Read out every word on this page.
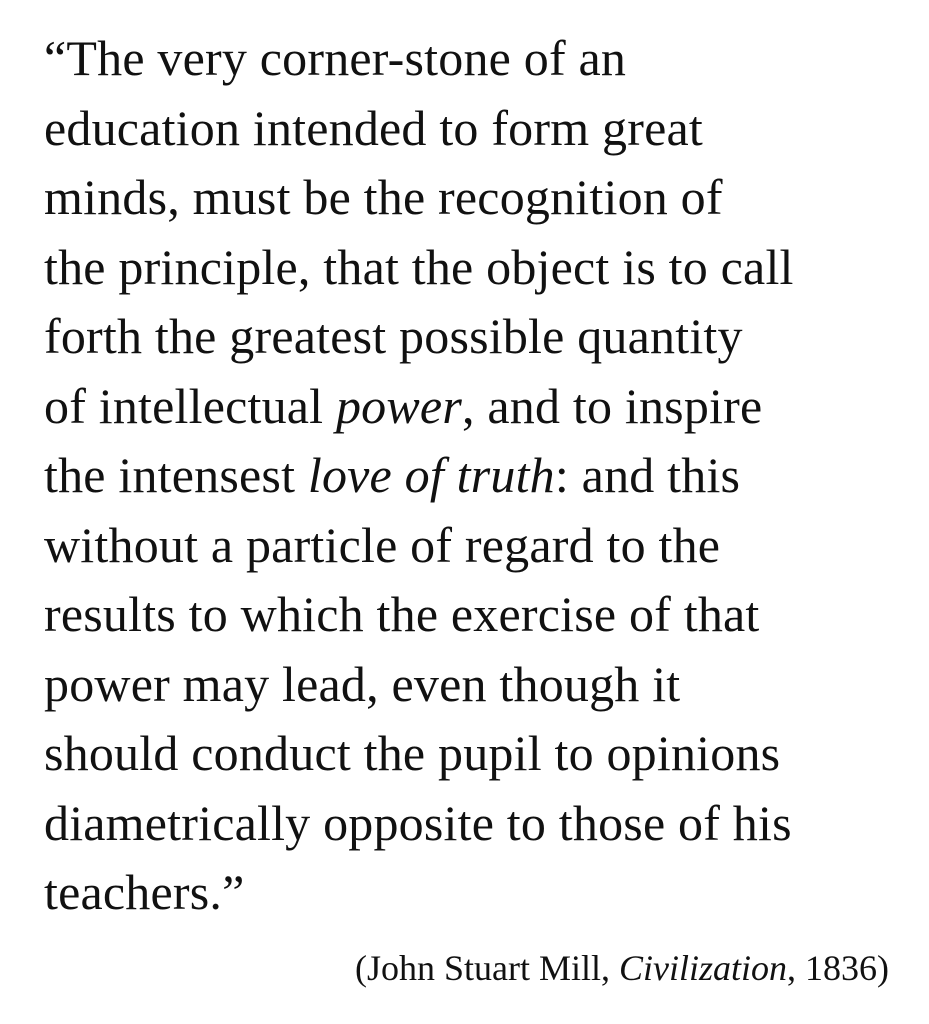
“The very corner-stone of an
education intended to form great
minds, must be the recognition of
the principle, that the object is to call
forth the greatest possible quantity
of intellectual power, and to inspire
the intensest love of truth: and this
without a particle of regard to the
results to which the exercise of that
power may lead, even though it
should conduct the pupil to opinions
diametrically opposite to those of his
teachers.”
(John Stuart Mill, Civilization, 1836)
